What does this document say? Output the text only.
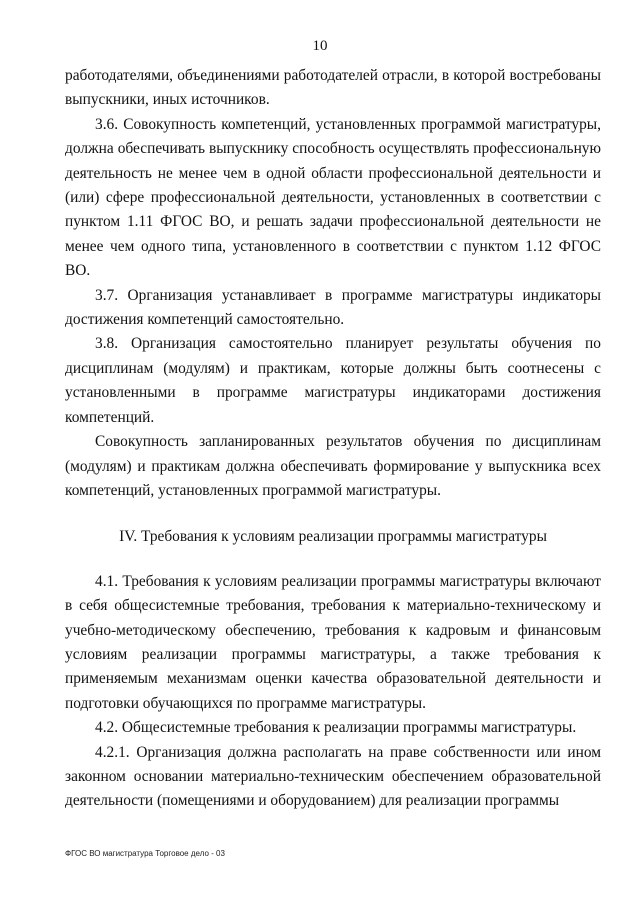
10

работодателями, объединениями работодателей отрасли, в которой востребованы выпускники, иных источников.

3.6. Совокупность компетенций, установленных программой магистратуры, должна обеспечивать выпускнику способность осуществлять профессиональную деятельность не менее чем в одной области профессиональной деятельности и (или) сфере профессиональной деятельности, установленных в соответствии с пунктом 1.11 ФГОС ВО, и решать задачи профессиональной деятельности не менее чем одного типа, установленного в соответствии с пунктом 1.12 ФГОС ВО.

3.7. Организация устанавливает в программе магистратуры индикаторы достижения компетенций самостоятельно.

3.8. Организация самостоятельно планирует результаты обучения по дисциплинам (модулям) и практикам, которые должны быть соотнесены с установленными в программе магистратуры индикаторами достижения компетенций.

Совокупность запланированных результатов обучения по дисциплинам (модулям) и практикам должна обеспечивать формирование у выпускника всех компетенций, установленных программой магистратуры.

IV. Требования к условиям реализации программы магистратуры

4.1. Требования к условиям реализации программы магистратуры включают в себя общесистемные требования, требования к материально-техническому и учебно-методическому обеспечению, требования к кадровым и финансовым условиям реализации программы магистратуры, а также требования к применяемым механизмам оценки качества образовательной деятельности и подготовки обучающихся по программе магистратуры.

4.2. Общесистемные требования к реализации программы магистратуры.

4.2.1. Организация должна располагать на праве собственности или ином законном основании материально-техническим обеспечением образовательной деятельности (помещениями и оборудованием) для реализации программы

ФГОС ВО магистратура Торговое дело - 03
